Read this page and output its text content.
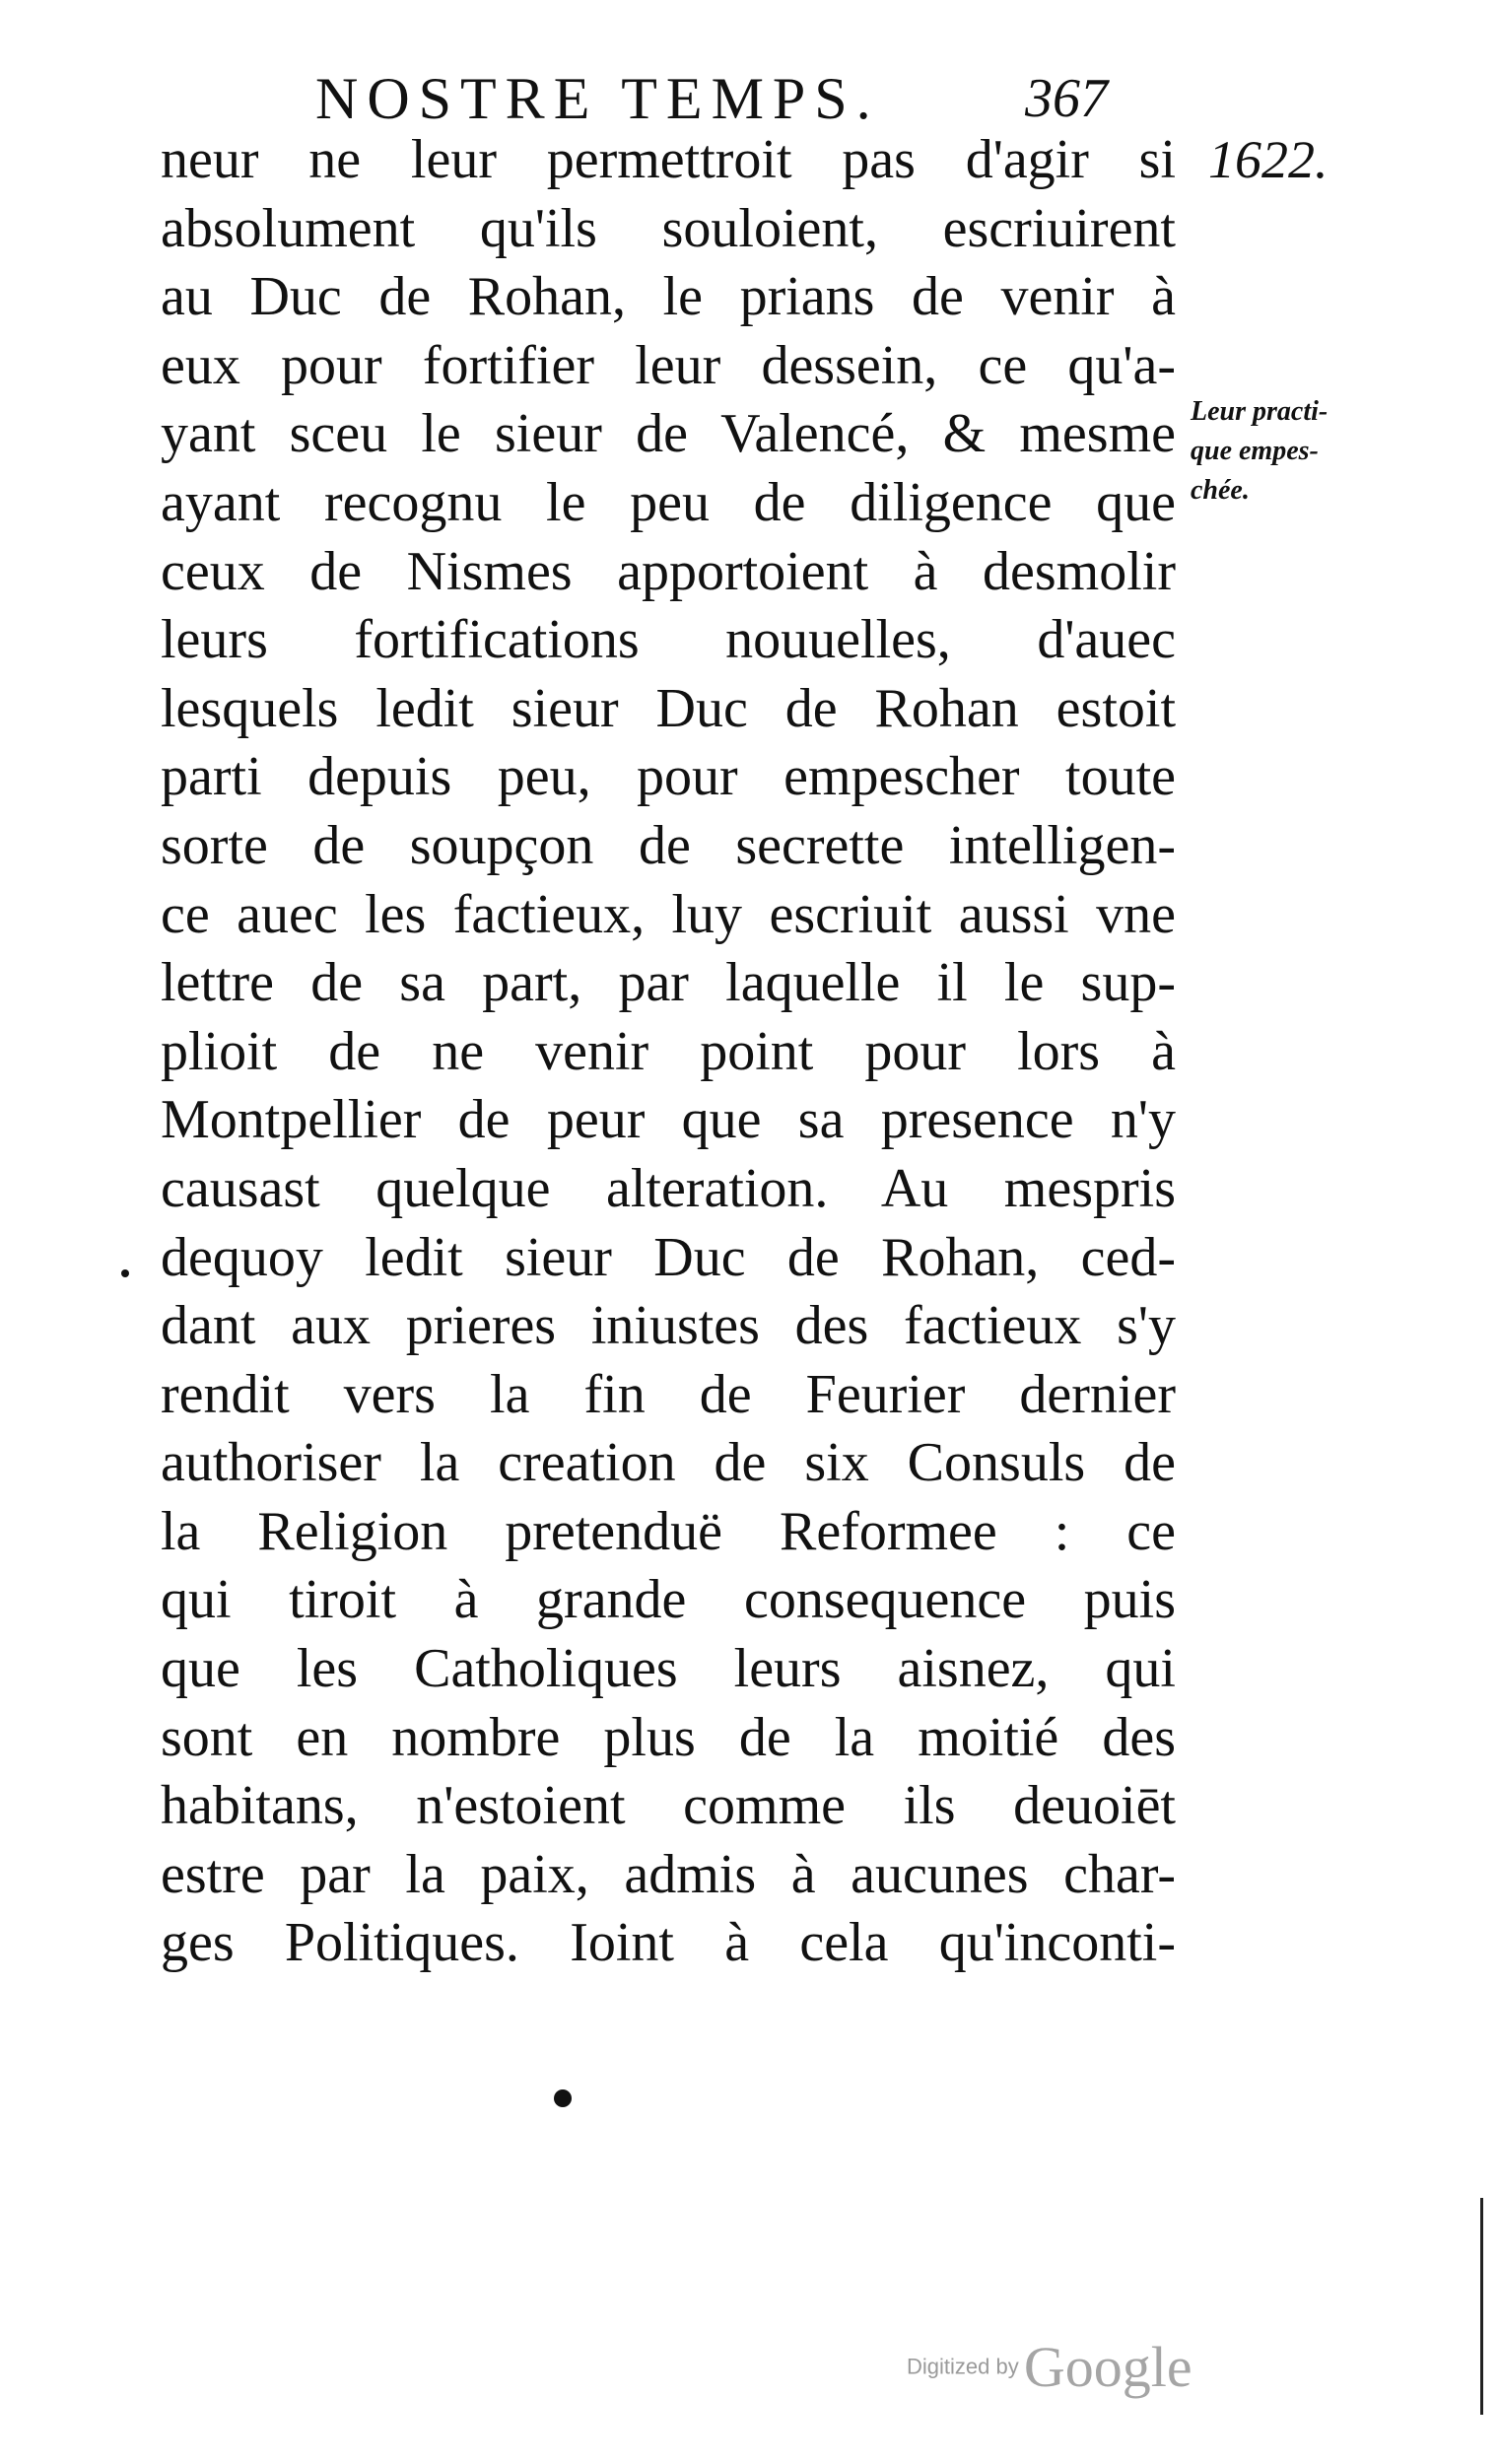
NOSTRE TEMPS.	367
1622.
Leur practi-
que empes-
chée.
neur ne leur permettroit pas d'agir si
absolument qu'ils souloient, escriuirent
au Duc de Rohan, le prians de venir à
eux pour fortifier leur dessein, ce qu'a-
yant sceu le sieur de Valencé, & mesme
ayant recognu le peu de diligence que
ceux de Nismes apportoient à desmolir
leurs fortifications nouuelles, d'auec
lesquels ledit sieur Duc de Rohan estoit
parti depuis peu, pour empescher toute
sorte de soupçon de secrette intelligen-
ce auec les factieux, luy escriuit aussi vne
lettre de sa part, par laquelle il le sup-
plioit de ne venir point pour lors à
Montpellier de peur que sa presence n'y
causast quelque alteration. Au mespris
dequoy ledit sieur Duc de Rohan, ced-
dant aux prieres iniustes des factieux s'y
rendit vers la fin de Feurier dernier
authoriser la creation de six Consuls de
la Religion pretenduë Reformee : ce
qui tiroit à grande consequence puis
que les Catholiques leurs aisnez, qui
sont en nombre plus de la moitié des
habitans, n'estoient comme ils deuoiēt
estre par la paix, admis à aucunes char-
ges Politiques. Ioint à cela qu'inconti-
Digitized by Google
